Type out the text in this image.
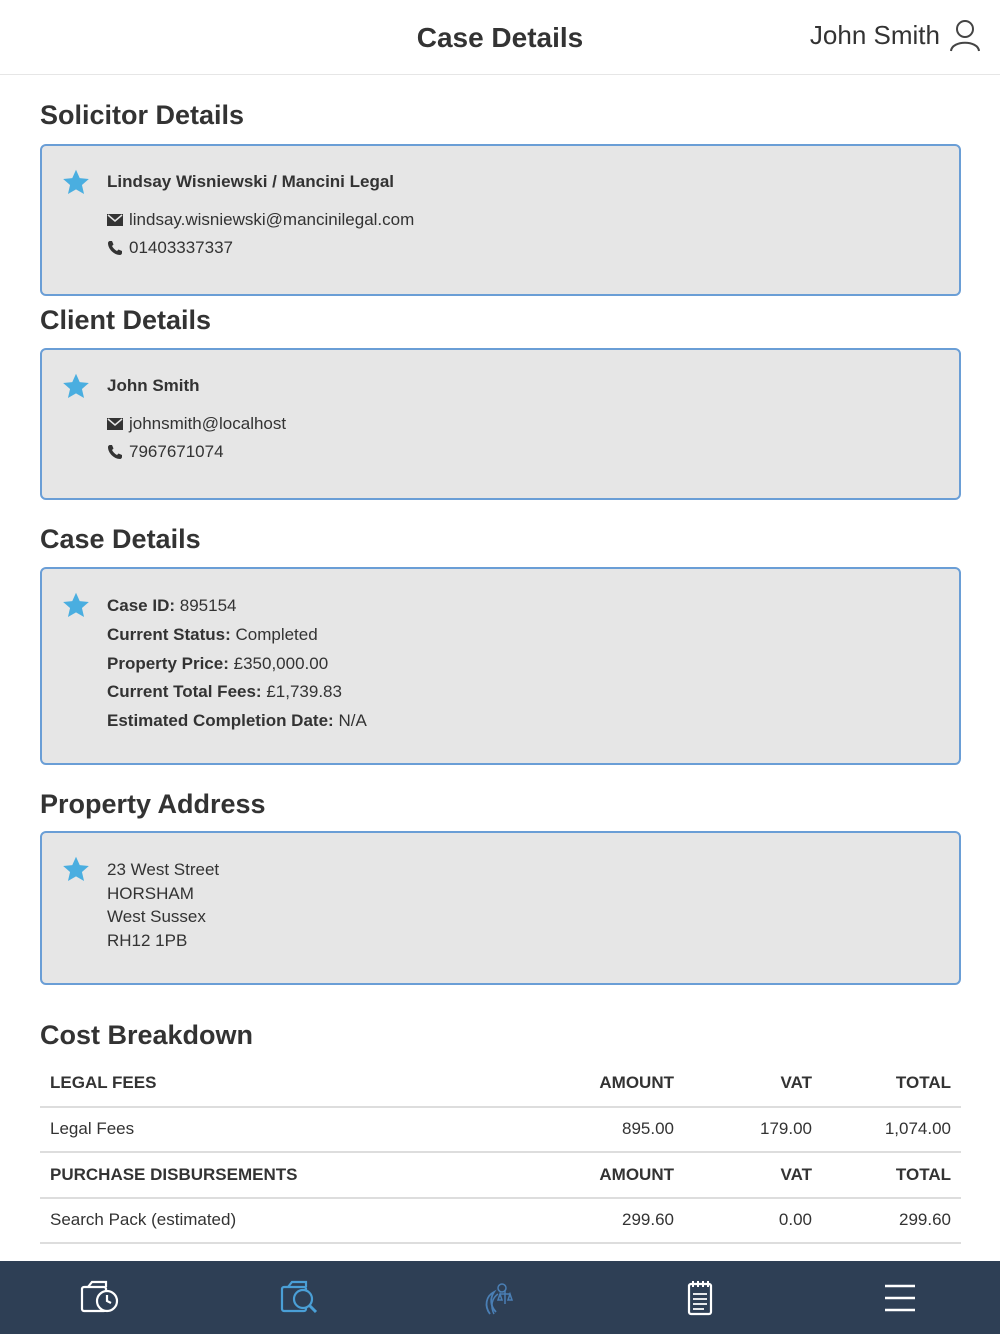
Case Details	John Smith
Solicitor Details
Lindsay Wisniewski / Mancini Legal
lindsay.wisniewski@mancinilegal.com
01403337337
Client Details
John Smith
johnsmith@localhost
7967671074
Case Details
Case ID: 895154
Current Status: Completed
Property Price: £350,000.00
Current Total Fees: £1,739.83
Estimated Completion Date: N/A
Property Address
23 West Street
HORSHAM
West Sussex
RH12 1PB
Cost Breakdown
LEGAL FEES	AMOUNT	VAT	TOTAL
Legal Fees	895.00	179.00	1,074.00
PURCHASE DISBURSEMENTS	AMOUNT	VAT	TOTAL
Search Pack (estimated)	299.60	0.00	299.60
